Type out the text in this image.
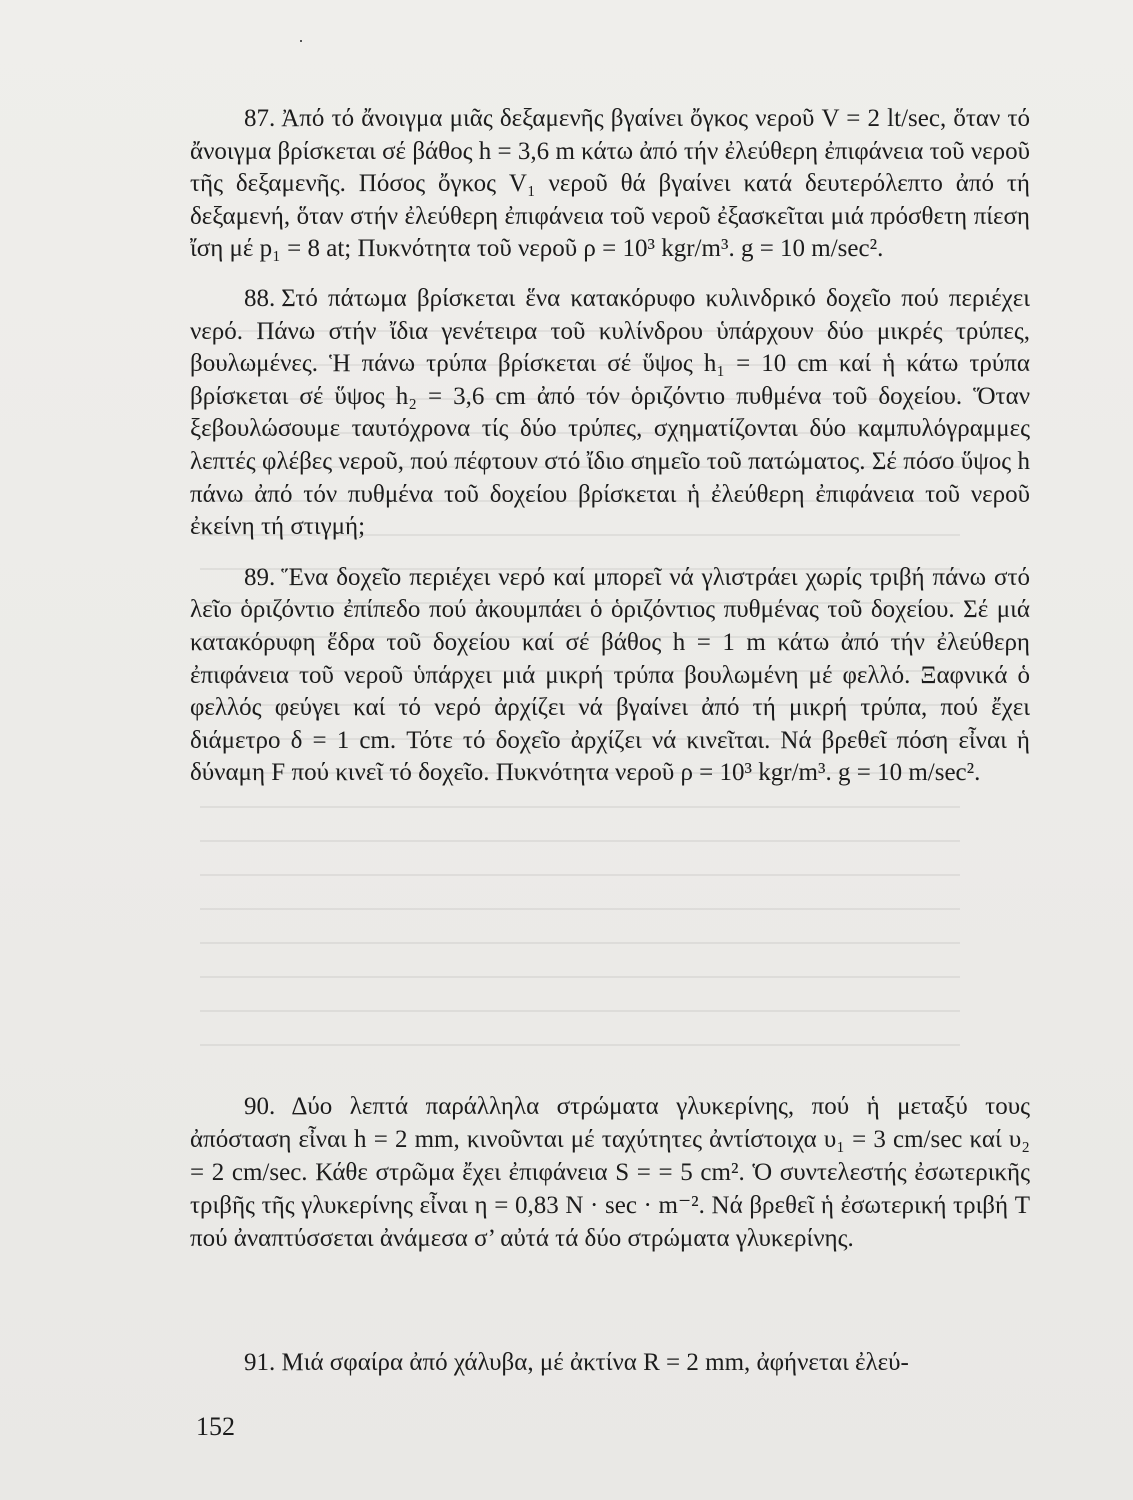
87. Ἀπό τό ἄνοιγμα μιᾶς δεξαμενῆς βγαίνει ὄγκος νεροῦ V = 2 lt/sec, ὅταν τό ἄνοιγμα βρίσκεται σέ βάθος h = 3,6 m κάτω ἀπό τήν ἐλεύθερη ἐπιφάνεια τοῦ νεροῦ τῆς δεξαμενῆς. Πόσος ὄγκος V₁ νεροῦ θά βγαίνει κατά δευτερόλεπτο ἀπό τή δεξαμενή, ὅταν στήν ἐλεύθερη ἐπιφάνεια τοῦ νεροῦ ἐξασκεῖται μιά πρόσθετη πίεση ἴση μέ p₁ = 8 at; Πυκνότητα τοῦ νεροῦ ρ = 10³ kgr/m³. g = 10 m/sec².

88. Στό πάτωμα βρίσκεται ἕνα κατακόρυφο κυλινδρικό δοχεῖο πού περιέχει νερό. Πάνω στήν ἴδια γενέτειρα τοῦ κυλίνδρου ὑπάρχουν δύο μικρές τρύπες, βουλωμένες. Ἡ πάνω τρύπα βρίσκεται σέ ὕψος h₁ = 10 cm καί ἡ κάτω τρύπα βρίσκεται σέ ὕψος h₂ = 3,6 cm ἀπό τόν ὁριζόντιο πυθμένα τοῦ δοχείου. Ὅταν ξεβουλώσουμε ταυτόχρονα τίς δύο τρύπες, σχηματίζονται δύο καμπυλόγραμμες λεπτές φλέβες νεροῦ, πού πέφτουν στό ἴδιο σημεῖο τοῦ πατώματος. Σέ πόσο ὕψος h πάνω ἀπό τόν πυθμένα τοῦ δοχείου βρίσκεται ἡ ἐλεύθερη ἐπιφάνεια τοῦ νεροῦ ἐκείνη τή στιγμή;

89. Ἕνα δοχεῖο περιέχει νερό καί μπορεῖ νά γλιστράει χωρίς τριβή πάνω στό λεῖο ὁριζόντιο ἐπίπεδο πού ἀκουμπάει ὁ ὁριζόντιος πυθμένας τοῦ δοχείου. Σέ μιά κατακόρυφη ἕδρα τοῦ δοχείου καί σέ βάθος h = 1 m κάτω ἀπό τήν ἐλεύθερη ἐπιφάνεια τοῦ νεροῦ ὑπάρχει μιά μικρή τρύπα βουλωμένη μέ φελλό. Ξαφνικά ὁ φελλός φεύγει καί τό νερό ἀρχίζει νά βγαίνει ἀπό τή μικρή τρύπα, πού ἔχει διάμετρο δ = 1 cm. Τότε τό δοχεῖο ἀρχίζει νά κινεῖται. Νά βρεθεῖ πόση εἶναι ἡ δύναμη F πού κινεῖ τό δοχεῖο. Πυκνότητα νεροῦ ρ = 10³ kgr/m³. g = 10 m/sec².

90. Δύο λεπτά παράλληλα στρώματα γλυκερίνης, πού ἡ μεταξύ τους ἀπόσταση εἶναι h = 2 mm, κινοῦνται μέ ταχύτητες ἀντίστοιχα υ₁ = 3 cm/sec καί υ₂ = 2 cm/sec. Κάθε στρῶμα ἔχει ἐπιφάνεια S = = 5 cm². Ὁ συντελεστής ἐσωτερικῆς τριβῆς τῆς γλυκερίνης εἶναι η = 0,83 N · sec · m⁻². Νά βρεθεῖ ἡ ἐσωτερική τριβή T πού ἀναπτύσσεται ἀνάμεσα σ’ αὐτά τά δύο στρώματα γλυκερίνης.

91. Μιά σφαίρα ἀπό χάλυβα, μέ ἀκτίνα R = 2 mm, ἀφήνεται ἐλεύ-

152
